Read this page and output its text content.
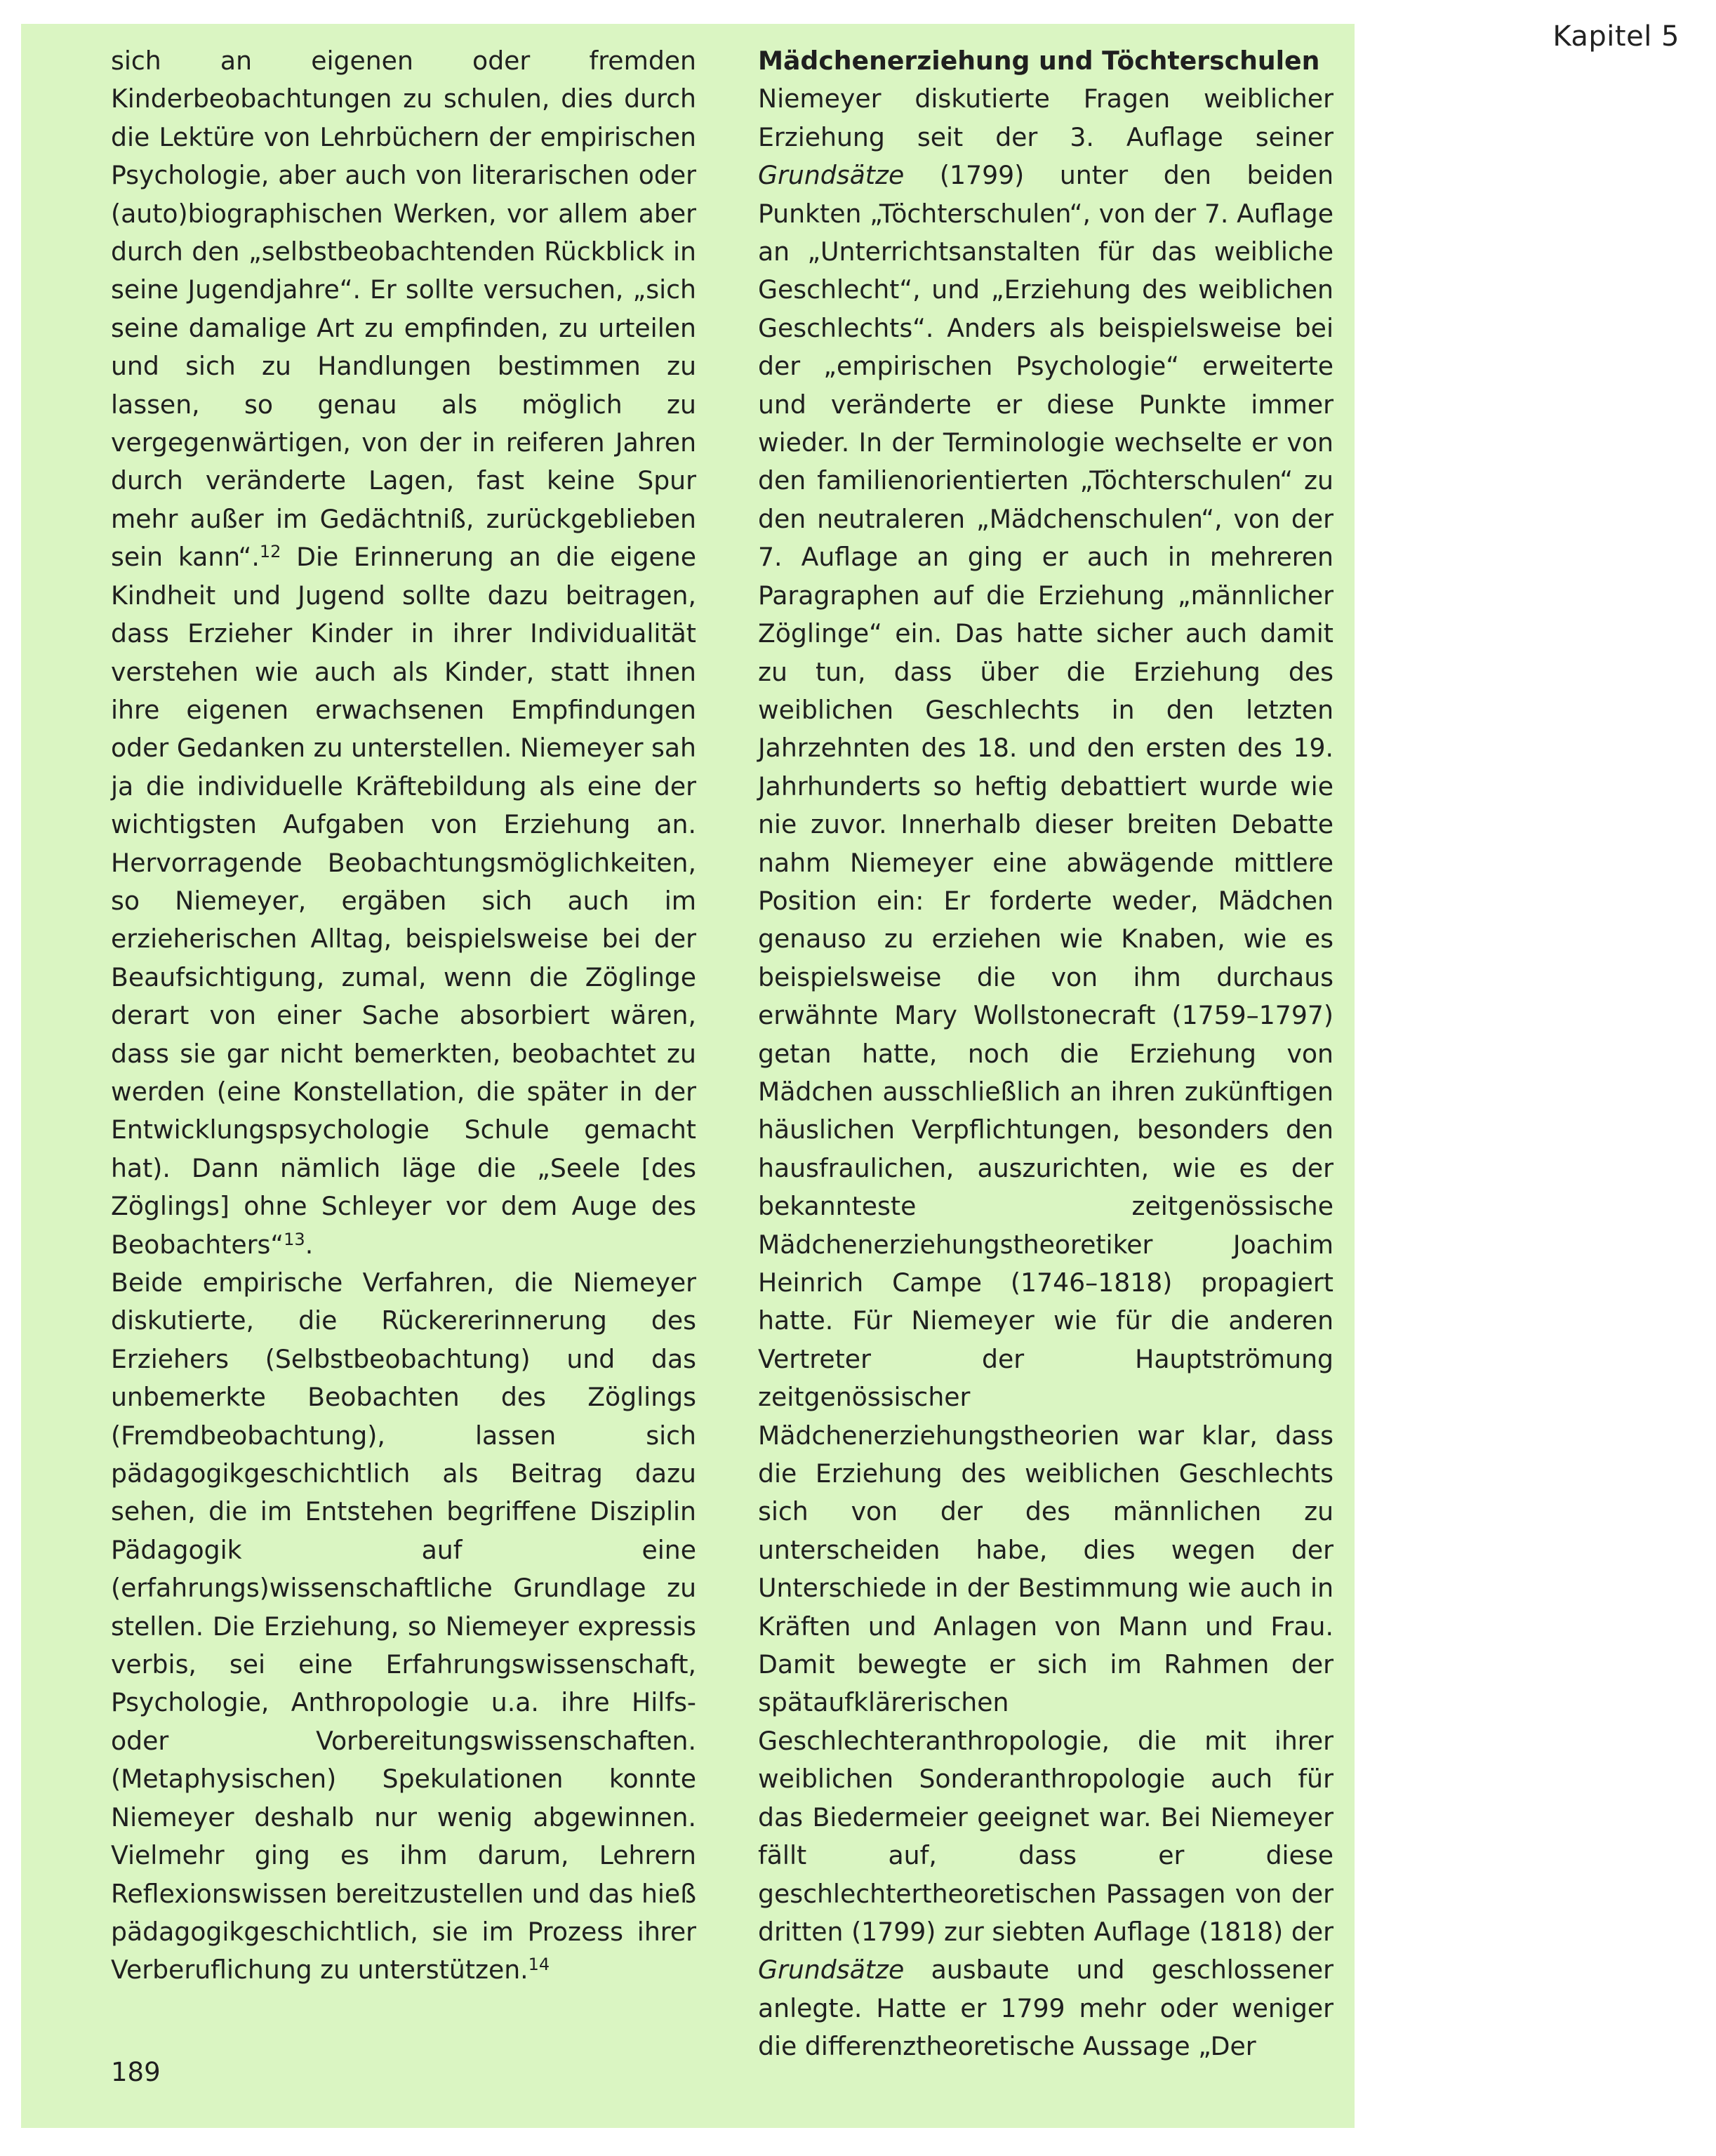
Kapitel 5

sich an eigenen oder fremden Kinderbeobachtungen zu schulen, dies durch die Lektüre von Lehrbüchern der empirischen Psychologie, aber auch von literarischen oder (auto)biographischen Werken, vor allem aber durch den „selbstbeobachtenden Rückblick in seine Jugendjahre“. Er sollte versuchen, „sich seine damalige Art zu empfinden, zu urteilen und sich zu Handlungen bestimmen zu lassen, so genau als möglich zu vergegenwärtigen, von der in reiferen Jahren durch veränderte Lagen, fast keine Spur mehr außer im Gedächtniß, zurückgeblieben sein kann“.$^{12}$ Die Erinnerung an die eigene Kindheit und Jugend sollte dazu beitragen, dass Erzieher Kinder in ihrer Individualität verstehen wie auch als Kinder, statt ihnen ihre eigenen erwachsenen Empfindungen oder Gedanken zu unterstellen. Niemeyer sah ja die individuelle Kräftebildung als eine der wichtigsten Aufgaben von Erziehung an. Hervorragende Beobachtungsmöglichkeiten, so Niemeyer, ergäben sich auch im erzieherischen Alltag, beispielsweise bei der Beaufsichtigung, zumal, wenn die Zöglinge derart von einer Sache absorbiert wären, dass sie gar nicht bemerkten, beobachtet zu werden (eine Konstellation, die später in der Entwicklungspsychologie Schule gemacht hat). Dann nämlich läge die „Seele [des Zöglings] ohne Schleyer vor dem Auge des Beobachters“$^{13}$.

Beide empirische Verfahren, die Niemeyer diskutierte, die Rückererinnerung des Erziehers (Selbstbeobachtung) und das unbemerkte Beobachten des Zöglings (Fremdbeobachtung), lassen sich pädagogikgeschichtlich als Beitrag dazu sehen, die im Entstehen begriffene Disziplin Pädagogik auf eine (erfahrungs)wissenschaftliche Grundlage zu stellen. Die Erziehung, so Niemeyer expressis verbis, sei eine Erfahrungswissenschaft, Psychologie, Anthropologie u.a. ihre Hilfs- oder Vorbereitungswissenschaften. (Metaphysischen) Spekulationen konnte Niemeyer deshalb nur wenig abgewinnen. Vielmehr ging es ihm darum, Lehrern Reflexionswissen bereitzustellen und das hieß pädagogikgeschichtlich, sie im Prozess ihrer Verberuflichung zu unterstützen.$^{14}$

Mädchenerziehung und Töchterschulen

Niemeyer diskutierte Fragen weiblicher Erziehung seit der 3. Auflage seiner Grundsätze (1799) unter den beiden Punkten „Töchterschulen“, von der 7. Auflage an „Unterrichtsanstalten für das weibliche Geschlecht“, und „Erziehung des weiblichen Geschlechts“. Anders als beispielsweise bei der „empirischen Psychologie“ erweiterte und veränderte er diese Punkte immer wieder. In der Terminologie wechselte er von den familienorientierten „Töchterschulen“ zu den neutraleren „Mädchenschulen“, von der 7. Auflage an ging er auch in mehreren Paragraphen auf die Erziehung „männlicher Zöglinge“ ein. Das hatte sicher auch damit zu tun, dass über die Erziehung des weiblichen Geschlechts in den letzten Jahrzehnten des 18. und den ersten des 19. Jahrhunderts so heftig debattiert wurde wie nie zuvor. Innerhalb dieser breiten Debatte nahm Niemeyer eine abwägende mittlere Position ein: Er forderte weder, Mädchen genauso zu erziehen wie Knaben, wie es beispielsweise die von ihm durchaus erwähnte Mary Wollstonecraft (1759–1797) getan hatte, noch die Erziehung von Mädchen ausschließlich an ihren zukünftigen häuslichen Verpflichtungen, besonders den hausfraulichen, auszurichten, wie es der bekannteste zeitgenössische Mädchenerziehungstheoretiker Joachim Heinrich Campe (1746–1818) propagiert hatte. Für Niemeyer wie für die anderen Vertreter der Hauptströmung zeitgenössischer Mädchenerziehungstheorien war klar, dass die Erziehung des weiblichen Geschlechts sich von der des männlichen zu unterscheiden habe, dies wegen der Unterschiede in der Bestimmung wie auch in Kräften und Anlagen von Mann und Frau. Damit bewegte er sich im Rahmen der spätaufklärerischen Geschlechteranthropologie, die mit ihrer weiblichen Sonderanthropologie auch für das Biedermeier geeignet war. Bei Niemeyer fällt auf, dass er diese geschlechtertheoretischen Passagen von der dritten (1799) zur siebten Auflage (1818) der Grundsätze ausbaute und geschlossener anlegte. Hatte er 1799 mehr oder weniger die differenztheoretische Aussage „Der

189
